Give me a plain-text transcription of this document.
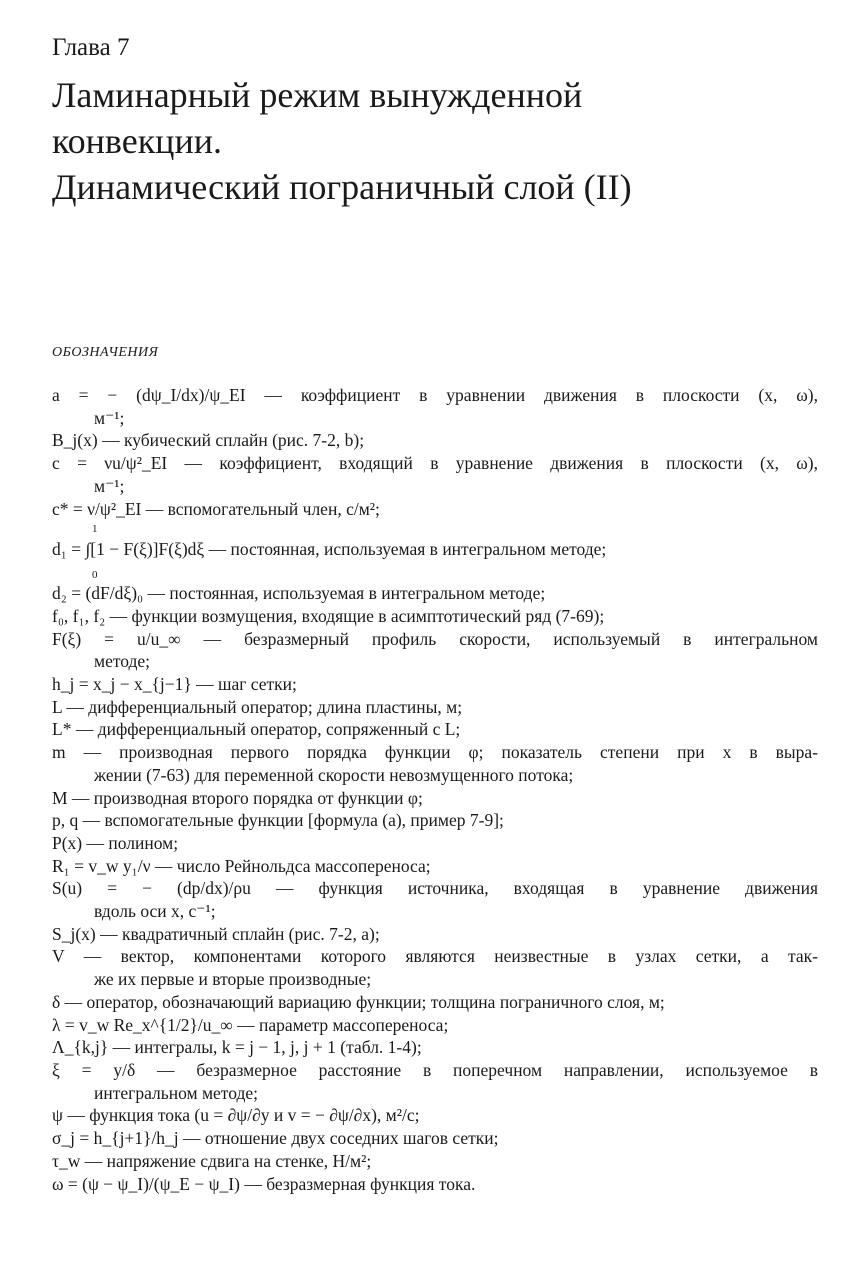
Глава 7
Ламинарный режим вынужденной
конвекции.
Динамический пограничный слой (II)
ОБОЗНАЧЕНИЯ
a = − (dψ_I/dx)/ψ_EI — коэффициент в уравнении движения в плоскости (x, ω),
м⁻¹;
B_j(x) — кубический сплайн (рис. 7-2, b);
c = νu/ψ²_EI — коэффициент, входящий в уравнение движения в плоскости (x, ω),
м⁻¹;
c* = ν/ψ²_EI — вспомогательный член, с/м²;
1
d₁ = ∫[1 − F(ξ)]F(ξ)dξ — постоянная, используемая в интегральном методе;
0
d₂ = (dF/dξ)₀ — постоянная, используемая в интегральном методе;
f₀, f₁, f₂ — функции возмущения, входящие в асимптотический ряд (7-69);
F(ξ) = u/u_∞ — безразмерный профиль скорости, используемый в интегральном
методе;
h_j = x_j − x_{j−1} — шаг сетки;
L — дифференциальный оператор; длина пластины, м;
L* — дифференциальный оператор, сопряженный с L;
m — производная первого порядка функции φ; показатель степени при x в выра-
жении (7-63) для переменной скорости невозмущенного потока;
M — производная второго порядка от функции φ;
p, q — вспомогательные функции [формула (a), пример 7-9];
P(x) — полином;
R₁ = v_w y₁/ν — число Рейнольдса массопереноса;
S(u) = − (dp/dx)/ρu — функция источника, входящая в уравнение движения
вдоль оси x, с⁻¹;
S_j(x) — квадратичный сплайн (рис. 7-2, a);
V — вектор, компонентами которого являются неизвестные в узлах сетки, а так-
же их первые и вторые производные;
δ — оператор, обозначающий вариацию функции; толщина пограничного слоя, м;
λ = v_w Re_x^{1/2}/u_∞ — параметр массопереноса;
Λ_{k,j} — интегралы, k = j − 1, j, j + 1 (табл. 1-4);
ξ = y/δ — безразмерное расстояние в поперечном направлении, используемое в
интегральном методе;
ψ — функция тока (u = ∂ψ/∂y и v = − ∂ψ/∂x), м²/с;
σ_j = h_{j+1}/h_j — отношение двух соседних шагов сетки;
τ_w — напряжение сдвига на стенке, Н/м²;
ω = (ψ − ψ_I)/(ψ_E − ψ_I) — безразмерная функция тока.
